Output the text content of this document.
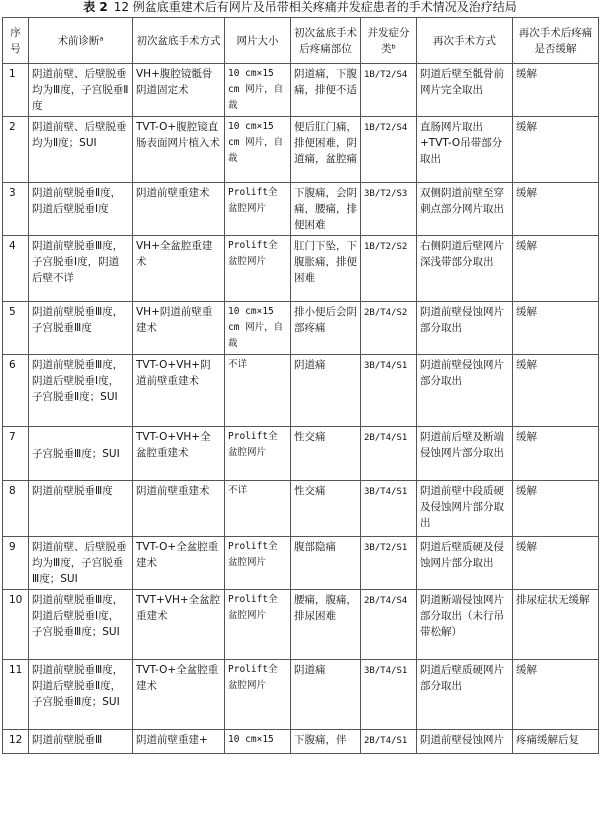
表 2 12 例盆底重建术后有网片及吊带相关疼痛并发症患者的手术情况及治疗结局
序号	术前诊断ᵃ	初次盆底手术方式	网片大小	初次盆底手术后疼痛部位	并发症分类ᵇ	再次手术方式	再次手术后疼痛是否缓解
1	阴道前壁、后壁脱垂均为Ⅲ度，子宫脱垂Ⅱ度	VH+腹腔镜骶骨阴道固定术	10 cm×15 cm 网片，自裁	阴道痛，下腹痛，排便不适	1B/T2/S4	阴道后壁至骶骨前网片完全取出	缓解
2	阴道前壁、后壁脱垂均为Ⅱ度；SUI	TVT-O+腹腔镜直肠表面网片植入术	10 cm×15 cm 网片，自裁	便后肛门痛，排便困难，阴道痛，盆腔痛	1B/T2/S4	直肠网片取出+TVT-O吊带部分取出	缓解
3	阴道前壁脱垂Ⅱ度，阴道后壁脱垂Ⅰ度	阴道前壁重建术	Prolift全盆腔网片	下腹痛，会阴痛，腰痛，排便困难	3B/T2/S3	双侧阴道前壁至穿刺点部分网片取出	缓解
4	阴道前壁脱垂Ⅲ度，子宫脱垂Ⅰ度，阴道后壁不详	VH+全盆腔重建术	Prolift全盆腔网片	肛门下坠，下腹胀痛，排便困难	1B/T2/S2	右侧阴道后壁网片深浅带部分取出	缓解
5	阴道前壁脱垂Ⅲ度，子宫脱垂Ⅲ度	VH+阴道前壁重建术	10 cm×15 cm 网片，自裁	排小便后会阴部疼痛	2B/T4/S2	阴道前壁侵蚀网片部分取出	缓解
6	阴道前壁脱垂Ⅲ度，阴道后壁脱垂Ⅰ度，子宫脱垂Ⅱ度；SUI	TVT-O+VH+阴道前壁重建术	不详	阴道痛	3B/T4/S1	阴道前壁侵蚀网片部分取出	缓解
7	子宫脱垂Ⅲ度；SUI	TVT-O+VH+全盆腔重建术	Prolift全盆腔网片	性交痛	2B/T4/S1	阴道前后壁及断端侵蚀网片部分取出	缓解
8	阴道前壁脱垂Ⅲ度	阴道前壁重建术	不详	性交痛	3B/T4/S1	阴道前壁中段质硬及侵蚀网片部分取出	缓解
9	阴道前壁、后壁脱垂均为Ⅲ度，子宫脱垂Ⅲ度；SUI	TVT-O+全盆腔重建术	Prolift全盆腔网片	腹部隐痛	3B/T2/S1	阴道后壁质硬及侵蚀网片部分取出	缓解
10	阴道前壁脱垂Ⅲ度，阴道后壁脱垂Ⅰ度，子宫脱垂Ⅲ度；SUI	TVT+VH+全盆腔重建术	Prolift全盆腔网片	腰痛，腹痛，排尿困难	2B/T4/S4	阴道断端侵蚀网片部分取出（未行吊带松解）	排尿症状无缓解
11	阴道前壁脱垂Ⅲ度，阴道后壁脱垂Ⅱ度，子宫脱垂Ⅲ度；SUI	TVT-O+全盆腔重建术	Prolift全盆腔网片	阴道痛	3B/T4/S1	阴道后壁质硬网片部分取出	缓解
12	阴道前壁脱垂Ⅲ	阴道前壁重建+	10 cm×15	下腹痛，伴	2B/T4/S1	阴道前壁侵蚀网片	疼痛缓解后复
